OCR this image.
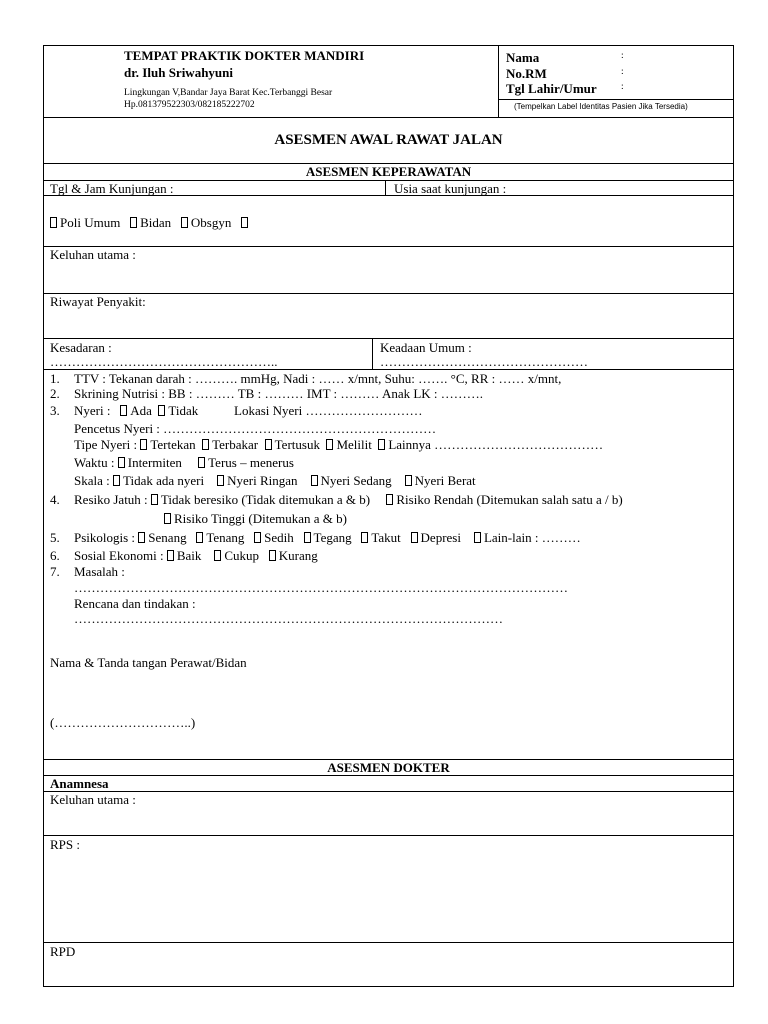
TEMPAT PRAKTIK DOKTER MANDIRI
dr. Iluh Sriwahyuni
Lingkungan V,Bandar Jaya Barat Kec.Terbanggi Besar
Hp.081379522303/082185222702
Nama	:
No.RM	:
Tgl Lahir/Umur	:
(Tempelkan Label Identitas Pasien Jika Tersedia)
ASESMEN AWAL RAWAT JALAN
ASESMEN KEPERAWATAN
Tgl & Jam Kunjungan :	Usia saat kunjungan :
Poli Umum Bidan Obsgyn
Keluhan utama :
Riwayat Penyakit:
Kesadaran :
……………………………………………..
Keadaan Umum :
…………………………………………
1. TTV : Tekanan darah : ………. mmHg, Nadi : …… x/mnt, Suhu: ……. °C, RR : …… x/mnt,
2. Skrining Nutrisi : BB : ……… TB : ……… IMT : ……… Anak LK : ……….
3. Nyeri : Ada Tidak	Lokasi Nyeri ………………………
Pencetus Nyeri : ………………………………………………………
Tipe Nyeri : Tertekan Terbakar Tertusuk Melilit Lainnya …………………………………
Waktu : Intermiten Terus – menerus
Skala : Tidak ada nyeri Nyeri Ringan Nyeri Sedang Nyeri Berat
4. Resiko Jatuh : Tidak beresiko (Tidak ditemukan a & b) Risiko Rendah (Ditemukan salah satu a / b)
Risiko Tinggi (Ditemukan a & b)
5. Psikologis : Senang Tenang Sedih Tegang Takut Depresi Lain-lain : ………
6. Sosial Ekonomi : Baik Cukup Kurang
7. Masalah :
……………………………………………………………………………………………………
Rencana dan tindakan :
………………………………………………………………………………………
Nama & Tanda tangan Perawat/Bidan
(…………………………..)
ASESMEN DOKTER
Anamnesa
Keluhan utama :
RPS :
RPD
